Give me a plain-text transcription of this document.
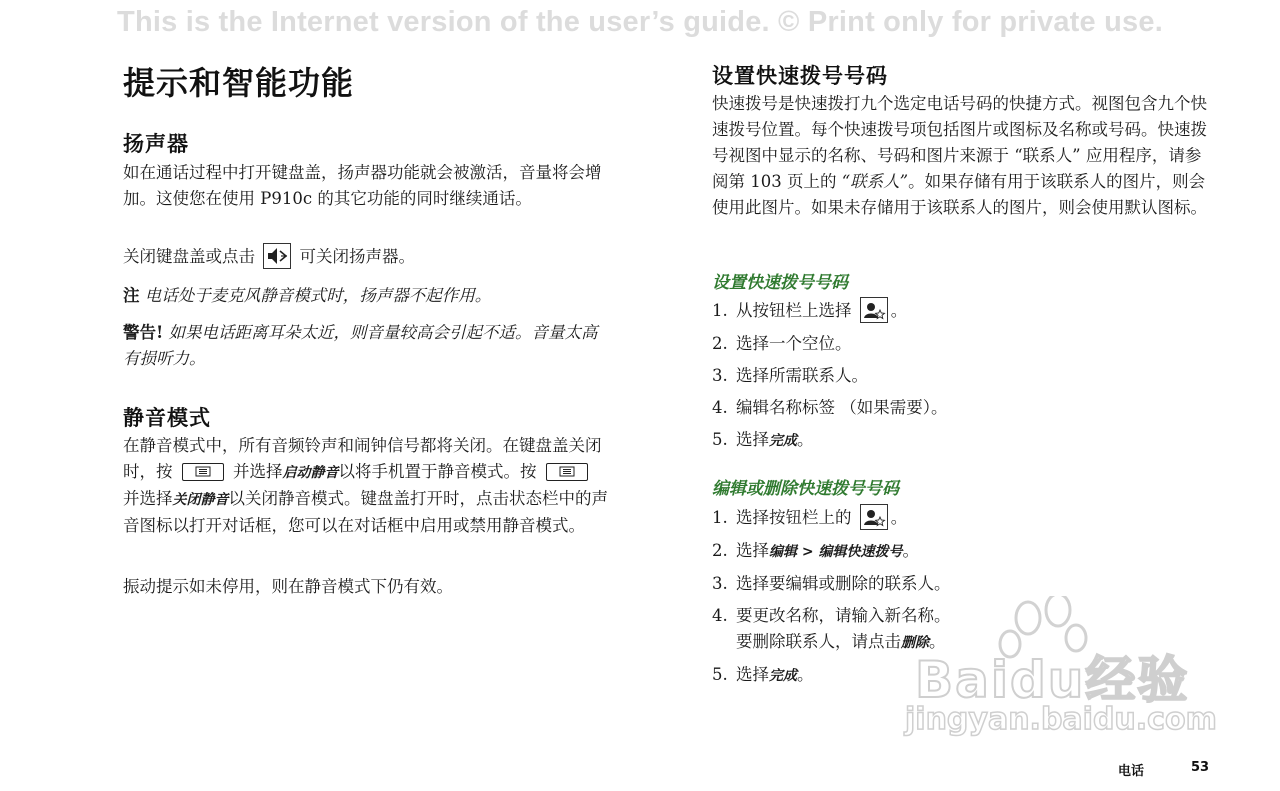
This is the Internet version of the user’s guide. © Print only for private use.
提示和智能功能
扬声器

如在通话过程中打开键盘盖，扬声器功能就会被激活，音量将会增加。这使您在使用 P910c 的其它功能的同时继续通话。

关闭键盘盖或点击	可关闭扬声器。

注 电话处于麦克风静音模式时，扬声器不起作用。

警告! 如果电话距离耳朵太近，则音量较高会引起不适。音量太高有损听力。

静音模式

在静音模式中，所有音频铃声和闹钟信号都将关闭。在键盘盖关闭时，按	并选择启动静音以将手机置于静音模式。按
并选择关闭静音以关闭静音模式。键盘盖打开时，点击状态栏中的声音图标以打开对话框，您可以在对话框中启用或禁用静音模式。

振动提示如未停用，则在静音模式下仍有效。

设置快速拨号号码

快速拨号是快速拨打九个选定电话号码的快捷方式。视图包含九个快速拨号位置。每个快速拨号项包括图片或图标及名称或号码。快速拨号视图中显示的名称、号码和图片来源于 “联系人” 应用程序，请参阅第 103 页上的 “联系人”。如果存储有用于该联系人的图片，则会使用此图片。如果未存储用于该联系人的图片，则会使用默认图标。

设置快速拨号号码
1. 从按钮栏上选择 。
2. 选择一个空位。
3. 选择所需联系人。
4. 编辑名称标签 （如果需要）。
5. 选择完成。
编辑或删除快速拨号号码
1. 选择按钮栏上的 。
2. 选择编辑 > 编辑快速拨号。
3. 选择要编辑或删除的联系人。
4. 要更改名称，请输入新名称。
要删除联系人，请点击删除。
5. 选择完成。	Baidu经验
jingyan.baidu.com
电话	53
